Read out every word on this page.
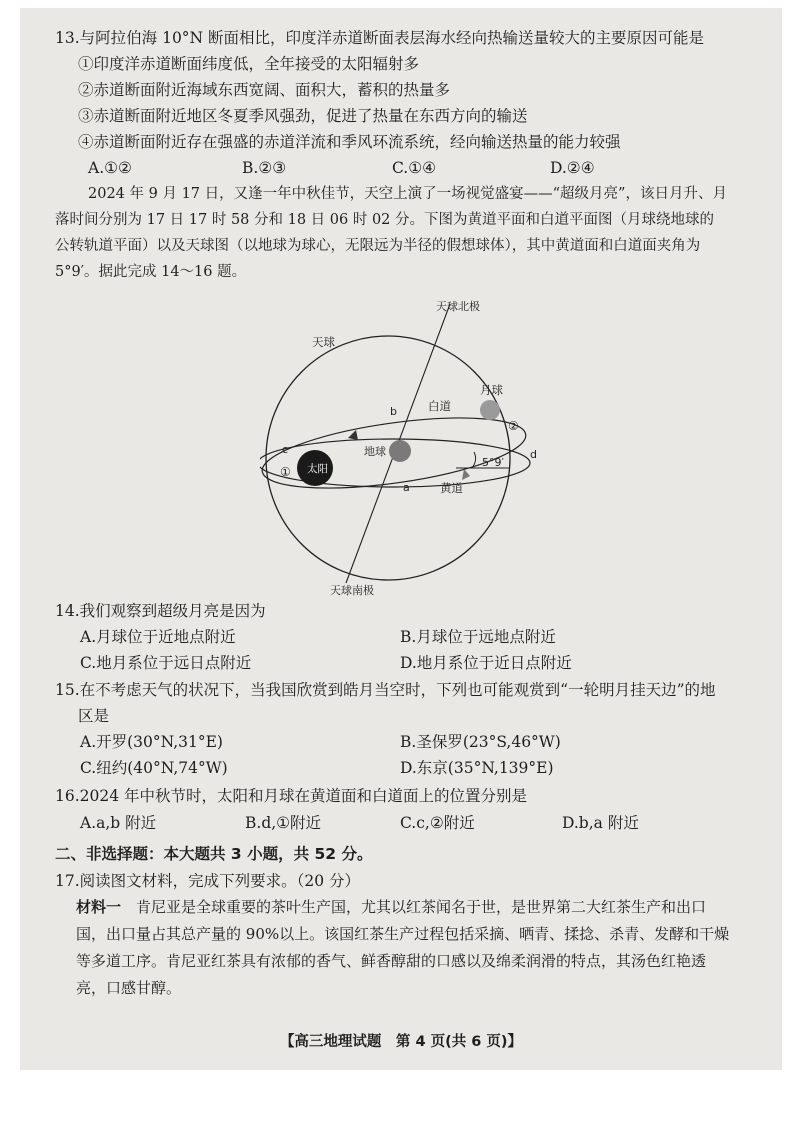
13.与阿拉伯海 10°N 断面相比，印度洋赤道断面表层海水经向热输送量较大的主要原因可能是
①印度洋赤道断面纬度低，全年接受的太阳辐射多
②赤道断面附近海域东西宽阔、面积大，蓄积的热量多
③赤道断面附近地区冬夏季风强劲，促进了热量在东西方向的输送
④赤道断面附近存在强盛的赤道洋流和季风环流系统，经向输送热量的能力较强
A.①②	B.②③	C.①④	D.②④
2024 年 9 月 17 日，又逢一年中秋佳节，天空上演了一场视觉盛宴——“超级月亮”，该日月升、月
落时间分别为 17 日 17 时 58 分和 18 日 06 时 02 分。下图为黄道平面和白道平面图（月球绕地球的
公转轨道平面）以及天球图（以地球为球心，无限远为半径的假想球体），其中黄道面和白道面夹角为
5°9′。据此完成 14～16 题。
天球北极
天球南极
天球
月球
地球
太阳
白道
黄道
5°9′
a
b
c	d
①
②
14.我们观察到超级月亮是因为
A.月球位于近地点附近	B.月球位于远地点附近
C.地月系位于远日点附近	D.地月系位于近日点附近
15.在不考虑天气的状况下，当我国欣赏到皓月当空时，下列也可能观赏到“一轮明月挂天边”的地
区是
A.开罗(30°N,31°E)	B.圣保罗(23°S,46°W)
C.纽约(40°N,74°W)	D.东京(35°N,139°E)
16.2024 年中秋节时，太阳和月球在黄道面和白道面上的位置分别是
A.a,b 附近	B.d,①附近	C.c,②附近	D.b,a 附近
二、非选择题：本大题共 3 小题，共 52 分。
17.阅读图文材料，完成下列要求。（20 分）
材料一　 肯尼亚是全球重要的茶叶生产国，尤其以红茶闻名于世，是世界第二大红茶生产和出口
国，出口量占其总产量的 90%以上。该国红茶生产过程包括采摘、晒青、揉捻、杀青、发酵和干燥
等多道工序。肯尼亚红茶具有浓郁的香气、鲜香醇甜的口感以及绵柔润滑的特点，其汤色红艳透
亮，口感甘醇。
【高三地理试题　第 4 页(共 6 页)】
